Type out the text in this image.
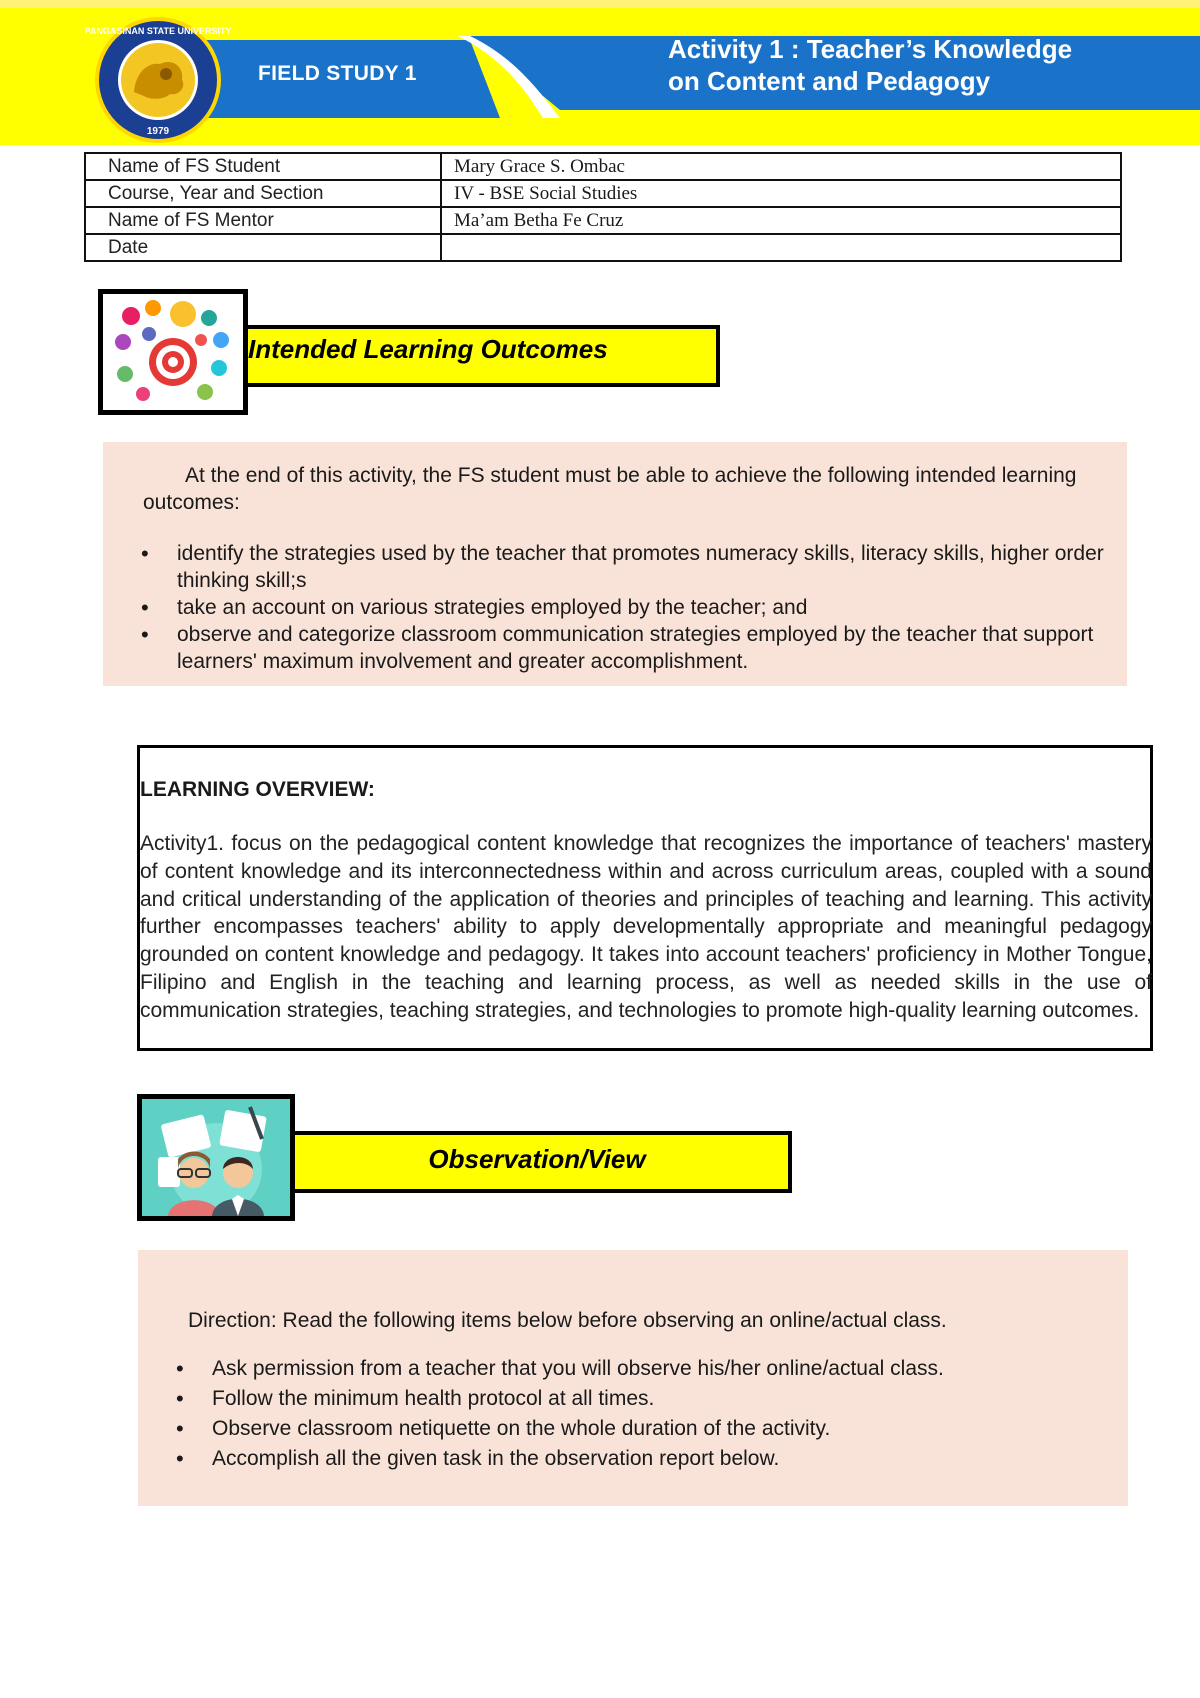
PANGASINAN STATE UNIVERSITY
1979
FIELD STUDY 1
Activity 1 : Teacher’s Knowledge
on Content and Pedagogy
Name of FS Student	Mary Grace S. Ombac
Course, Year and Section	IV - BSE Social Studies
Name of FS Mentor	Ma’am Betha Fe Cruz
Date	
Intended Learning Outcomes

At the end of this activity, the FS student must be able to achieve the following intended learning outcomes:

• identify the strategies used by the teacher that promotes numeracy skills, literacy skills, higher order thinking skill;s
• take an account on various strategies employed by the teacher; and
• observe and categorize classroom communication strategies employed by the teacher that support learners' maximum involvement and greater accomplishment.
LEARNING OVERVIEW:

Activity1. focus on the pedagogical content knowledge that recognizes the importance of teachers' mastery of content knowledge and its interconnectedness within and across curriculum areas, coupled with a sound and critical understanding of the application of theories and principles of teaching and learning. This activity further encompasses teachers' ability to apply developmentally appropriate and meaningful pedagogy grounded on content knowledge and pedagogy. It takes into account teachers' proficiency in Mother Tongue, Filipino and English in the teaching and learning process, as well as needed skills in the use of communication strategies, teaching strategies, and technologies to promote high-quality learning outcomes.

Observation/View

Direction: Read the following items below before observing an online/actual class.

• Ask permission from a teacher that you will observe his/her online/actual class.
• Follow the minimum health protocol at all times.
• Observe classroom netiquette on the whole duration of the activity.
• Accomplish all the given task in the observation report below.
